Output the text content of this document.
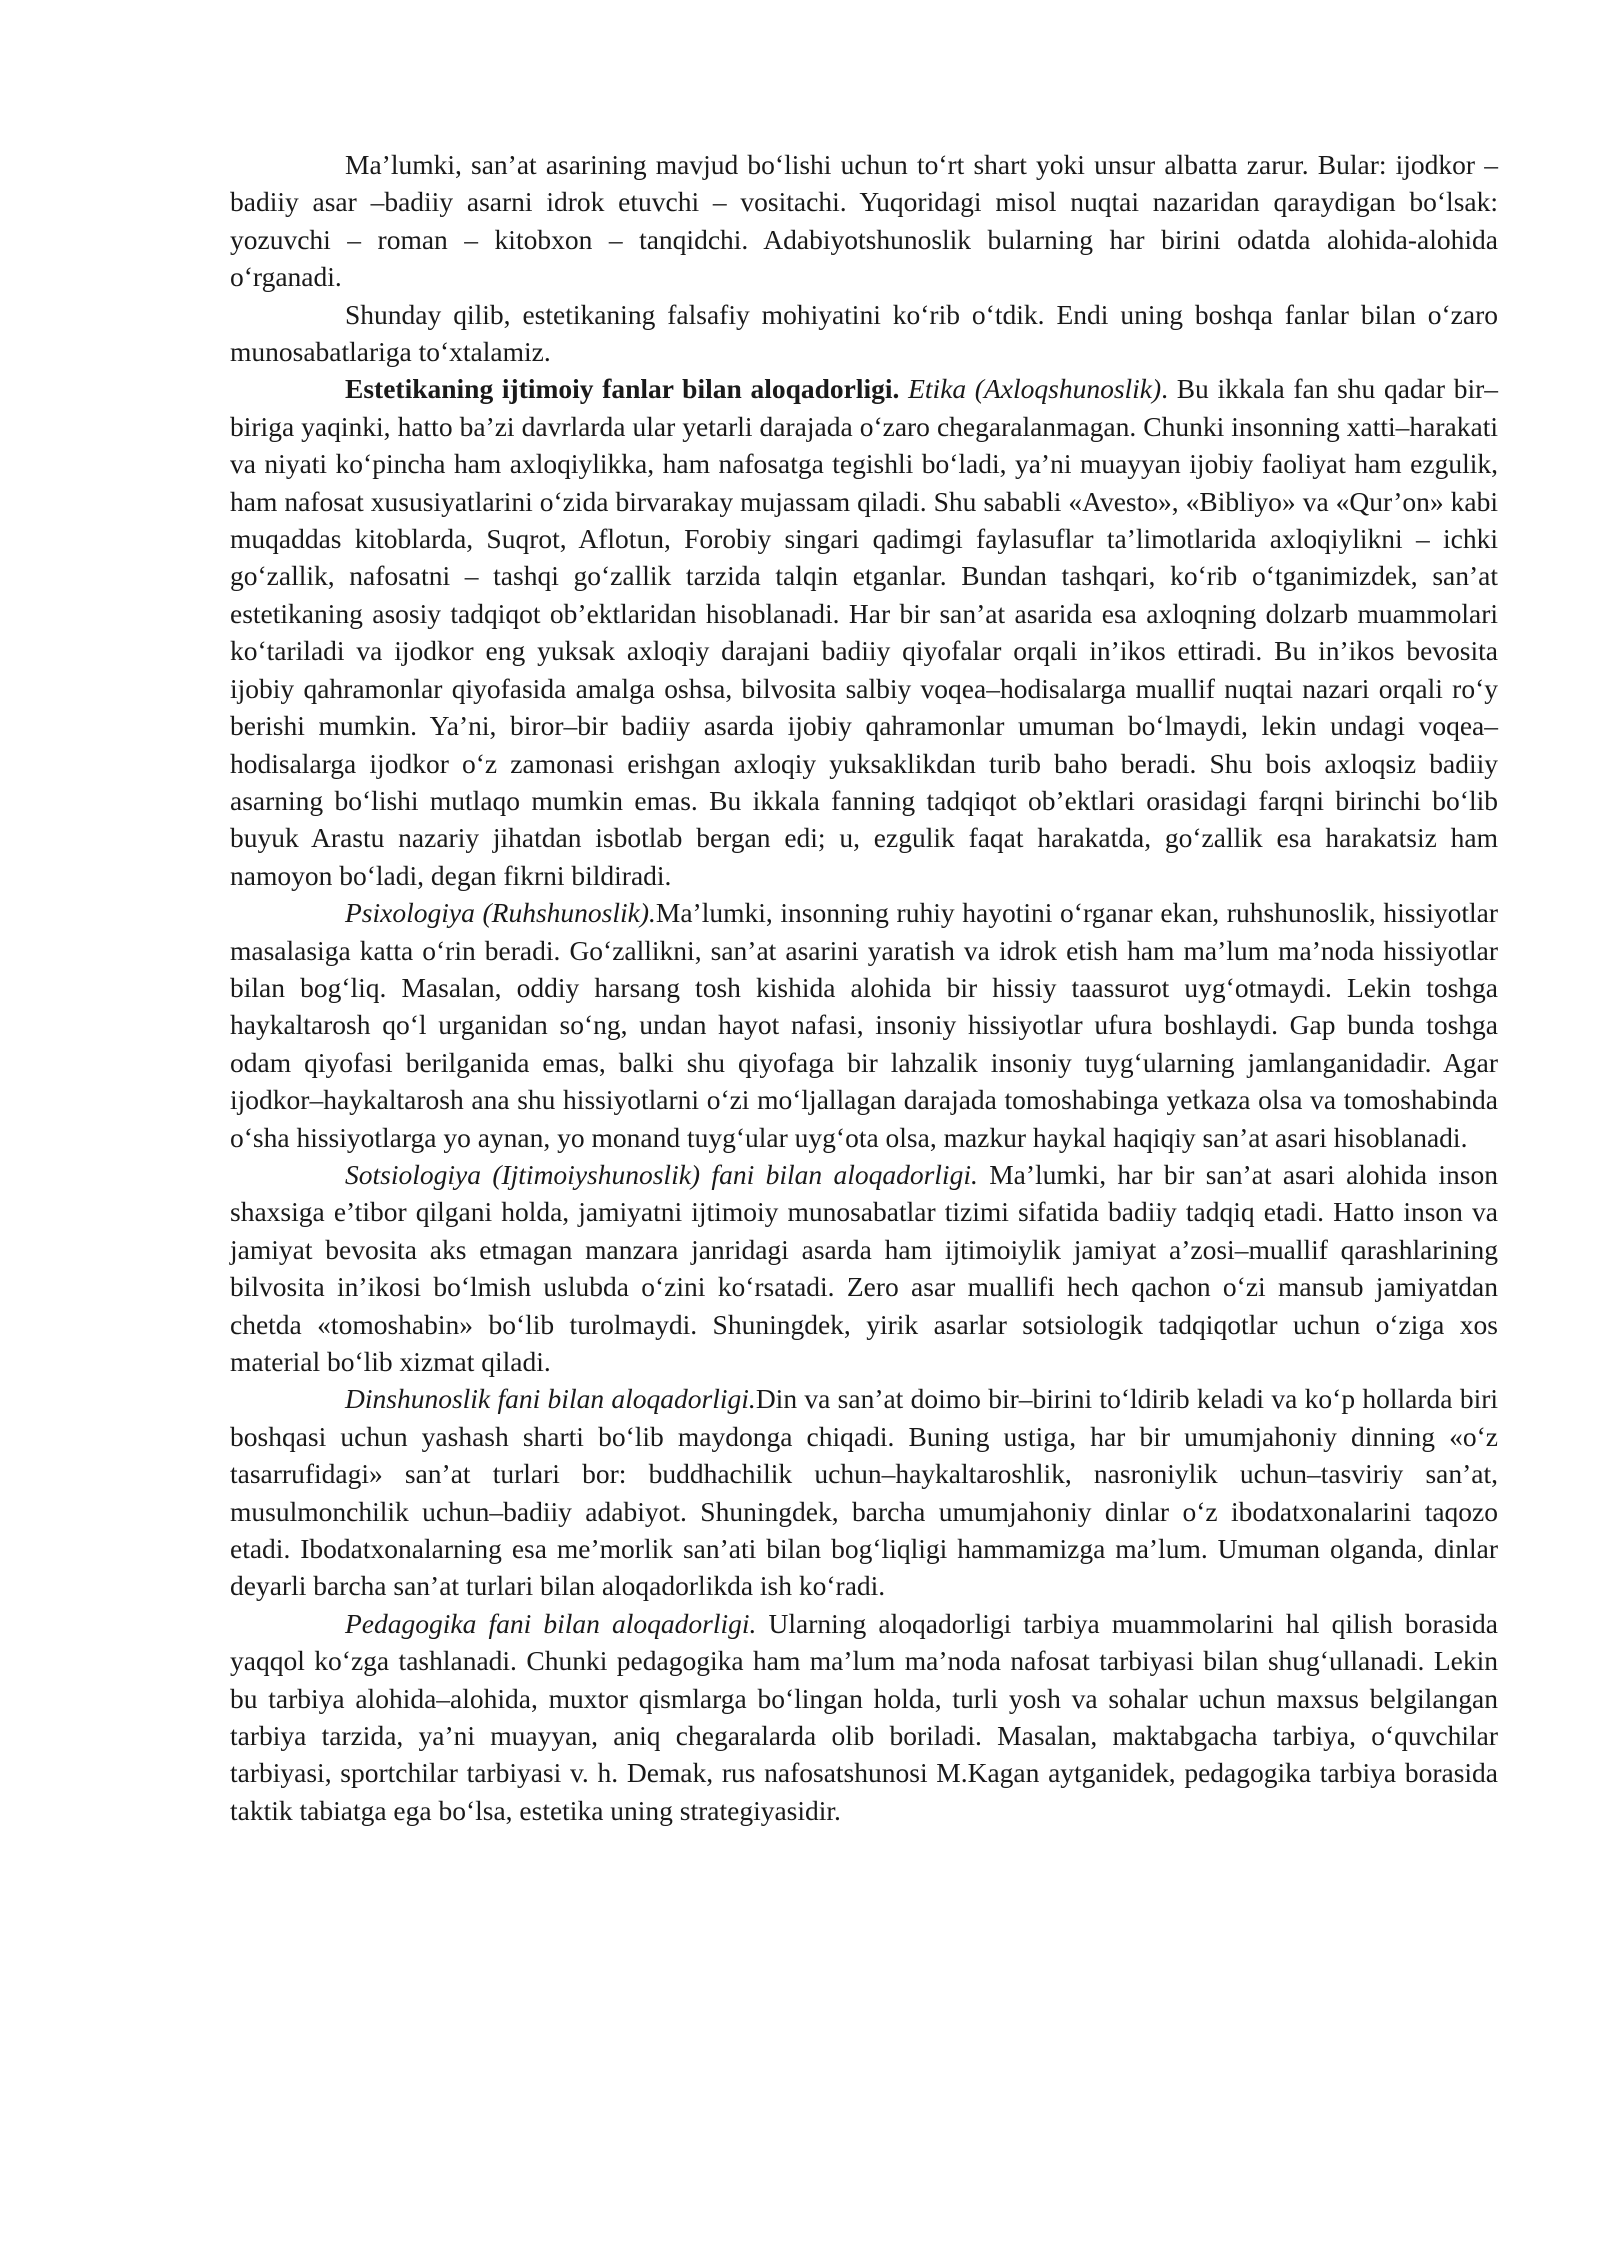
Ma’lumki, san’at asarining mavjud bo‘lishi uchun to‘rt shart yoki unsur albatta zarur. Bular: ijodkor – badiiy asar –badiiy asarni idrok etuvchi – vositachi. Yuqoridagi misol nuqtai nazaridan qaraydigan bo‘lsak: yozuvchi – roman – kitobxon – tanqidchi. Adabiyotshunoslik bularning har birini odatda alohida-alohida o‘rganadi.

Shunday qilib, estetikaning falsafiy mohiyatini ko‘rib o‘tdik. Endi uning boshqa fanlar bilan o‘zaro munosabatlariga to‘xtalamiz.

Estetikaning ijtimoiy fanlar bilan aloqadorligi. Etika (Axloqshunoslik). Bu ikkala fan shu qadar bir–biriga yaqinki, hatto ba’zi davrlarda ular yetarli darajada o‘zaro chegaralanmagan. Chunki insonning xatti–harakati va niyati ko‘pincha ham axloqiylikka, ham nafosatga tegishli bo‘ladi, ya’ni muayyan ijobiy faoliyat ham ezgulik, ham nafosat xususiyatlarini o‘zida birvarakay mujassam qiladi. Shu sababli «Avesto», «Bibliyo» va «Qur’on» kabi muqaddas kitoblarda, Suqrot, Aflotun, Forobiy singari qadimgi faylasuflar ta’limotlarida axloqiylikni – ichki go‘zallik, nafosatni – tashqi go‘zallik tarzida talqin etganlar. Bundan tashqari, ko‘rib o‘tganimizdek, san’at estetikaning asosiy tadqiqot ob’ektlaridan hisoblanadi. Har bir san’at asarida esa axloqning dolzarb muammolari ko‘tariladi va ijodkor eng yuksak axloqiy darajani badiiy qiyofalar orqali in’ikos ettiradi. Bu in’ikos bevosita ijobiy qahramonlar qiyofasida amalga oshsa, bilvosita salbiy voqea–hodisalarga muallif nuqtai nazari orqali ro‘y berishi mumkin. Ya’ni, biror–bir badiiy asarda ijobiy qahramonlar umuman bo‘lmaydi, lekin undagi voqea–hodisalarga ijodkor o‘z zamonasi erishgan axloqiy yuksaklikdan turib baho beradi. Shu bois axloqsiz badiiy asarning bo‘lishi mutlaqo mumkin emas. Bu ikkala fanning tadqiqot ob’ektlari orasidagi farqni birinchi bo‘lib buyuk Arastu nazariy jihatdan isbotlab bergan edi; u, ezgulik faqat harakatda, go‘zallik esa harakatsiz ham namoyon bo‘ladi, degan fikrni bildiradi.

Psixologiya (Ruhshunoslik).Ma’lumki, insonning ruhiy hayotini o‘rganar ekan, ruhshunoslik, hissiyotlar masalasiga katta o‘rin beradi. Go‘zallikni, san’at asarini yaratish va idrok etish ham ma’lum ma’noda hissiyotlar bilan bog‘liq. Masalan, oddiy harsang tosh kishida alohida bir hissiy taassurot uyg‘otmaydi. Lekin toshga haykaltarosh qo‘l urganidan so‘ng, undan hayot nafasi, insoniy hissiyotlar ufura boshlaydi. Gap bunda toshga odam qiyofasi berilganida emas, balki shu qiyofaga bir lahzalik insoniy tuyg‘ularning jamlanganidadir. Agar ijodkor–haykaltarosh ana shu hissiyotlarni o‘zi mo‘ljallagan darajada tomoshabinga yetkaza olsa va tomoshabinda o‘sha hissiyotlarga yo aynan, yo monand tuyg‘ular uyg‘ota olsa, mazkur haykal haqiqiy san’at asari hisoblanadi.

Sotsiologiya (Ijtimoiyshunoslik) fani bilan aloqadorligi. Ma’lumki, har bir san’at asari alohida inson shaxsiga e’tibor qilgani holda, jamiyatni ijtimoiy munosabatlar tizimi sifatida badiiy tadqiq etadi. Hatto inson va jamiyat bevosita aks etmagan manzara janridagi asarda ham ijtimoiylik jamiyat a’zosi–muallif qarashlarining bilvosita in’ikosi bo‘lmish uslubda o‘zini ko‘rsatadi. Zero asar muallifi hech qachon o‘zi mansub jamiyatdan chetda «tomoshabin» bo‘lib turolmaydi. Shuningdek, yirik asarlar sotsiologik tadqiqotlar uchun o‘ziga xos material bo‘lib xizmat qiladi.

Dinshunoslik fani bilan aloqadorligi.Din va san’at doimo bir–birini to‘ldirib keladi va ko‘p hollarda biri boshqasi uchun yashash sharti bo‘lib maydonga chiqadi. Buning ustiga, har bir umumjahoniy dinning «o‘z tasarrufidagi» san’at turlari bor: buddhachilik uchun–haykaltaroshlik, nasroniylik uchun–tasviriy san’at, musulmonchilik uchun–badiiy adabiyot. Shuningdek, barcha umumjahoniy dinlar o‘z ibodatxonalarini taqozo etadi. Ibodatxonalarning esa me’morlik san’ati bilan bog‘liqligi hammamizga ma’lum. Umuman olganda, dinlar deyarli barcha san’at turlari bilan aloqadorlikda ish ko‘radi.

Pedagogika fani bilan aloqadorligi. Ularning aloqadorligi tarbiya muammolarini hal qilish borasida yaqqol ko‘zga tashlanadi. Chunki pedagogika ham ma’lum ma’noda nafosat tarbiyasi bilan shug‘ullanadi. Lekin bu tarbiya alohida–alohida, muxtor qismlarga bo‘lingan holda, turli yosh va sohalar uchun maxsus belgilangan tarbiya tarzida, ya’ni muayyan, aniq chegaralarda olib boriladi. Masalan, maktabgacha tarbiya, o‘quvchilar tarbiyasi, sportchilar tarbiyasi v. h. Demak, rus nafosatshunosi M.Kagan aytganidek, pedagogika tarbiya borasida taktik tabiatga ega bo‘lsa, estetika uning strategiyasidir.
